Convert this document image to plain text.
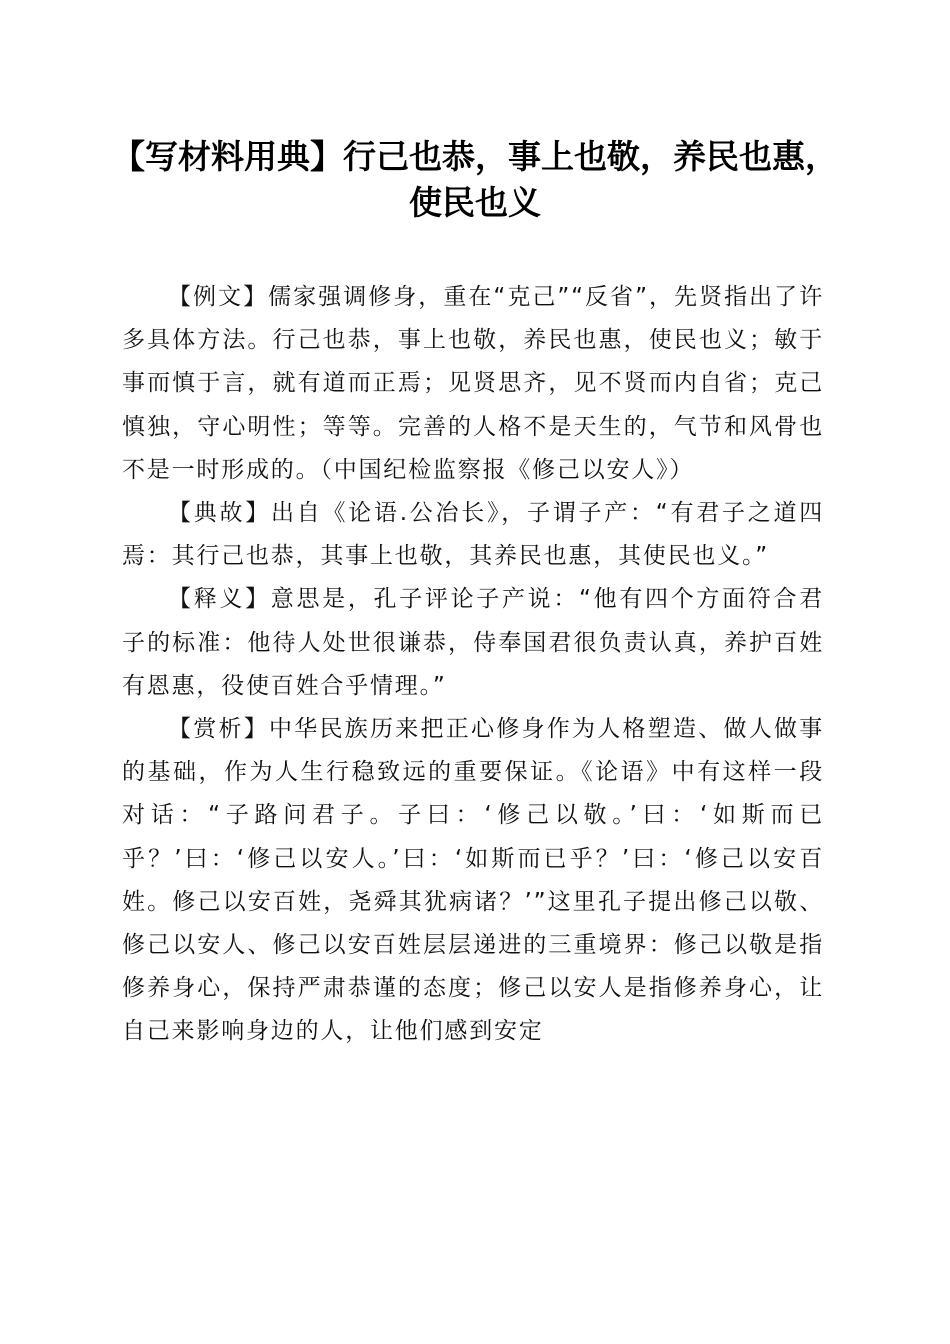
【写材料用典】行己也恭，事上也敬，养民也惠，使民也义

【例文】儒家强调修身，重在“克己”“反省”，先贤指出了许多具体方法。行己也恭，事上也敬，养民也惠，使民也义；敏于事而慎于言，就有道而正焉；见贤思齐，见不贤而内自省；克己慎独，守心明性；等等。完善的人格不是天生的，气节和风骨也不是一时形成的。（中国纪检监察报《修己以安人》）

【典故】出自《论语.公冶长》，子谓子产：“有君子之道四焉：其行己也恭，其事上也敬，其养民也惠，其使民也义。”

【释义】意思是，孔子评论子产说：“他有四个方面符合君子的标准：他待人处世很谦恭，侍奉国君很负责认真，养护百姓有恩惠，役使百姓合乎情理。”

【赏析】中华民族历来把正心修身作为人格塑造、做人做事的基础，作为人生行稳致远的重要保证。《论语》中有这样一段对话：“子路问君子。子曰：‘修己以敬。’曰：‘如斯而已乎？’曰：‘修己以安人。’曰：‘如斯而已乎？’曰：‘修己以安百姓。修己以安百姓，尧舜其犹病诸？’”这里孔子提出修己以敬、修己以安人、修己以安百姓层层递进的三重境界：修己以敬是指修养身心，保持严肃恭谨的态度；修己以安人是指修养身心，让自己来影响身边的人，让他们感到安定
